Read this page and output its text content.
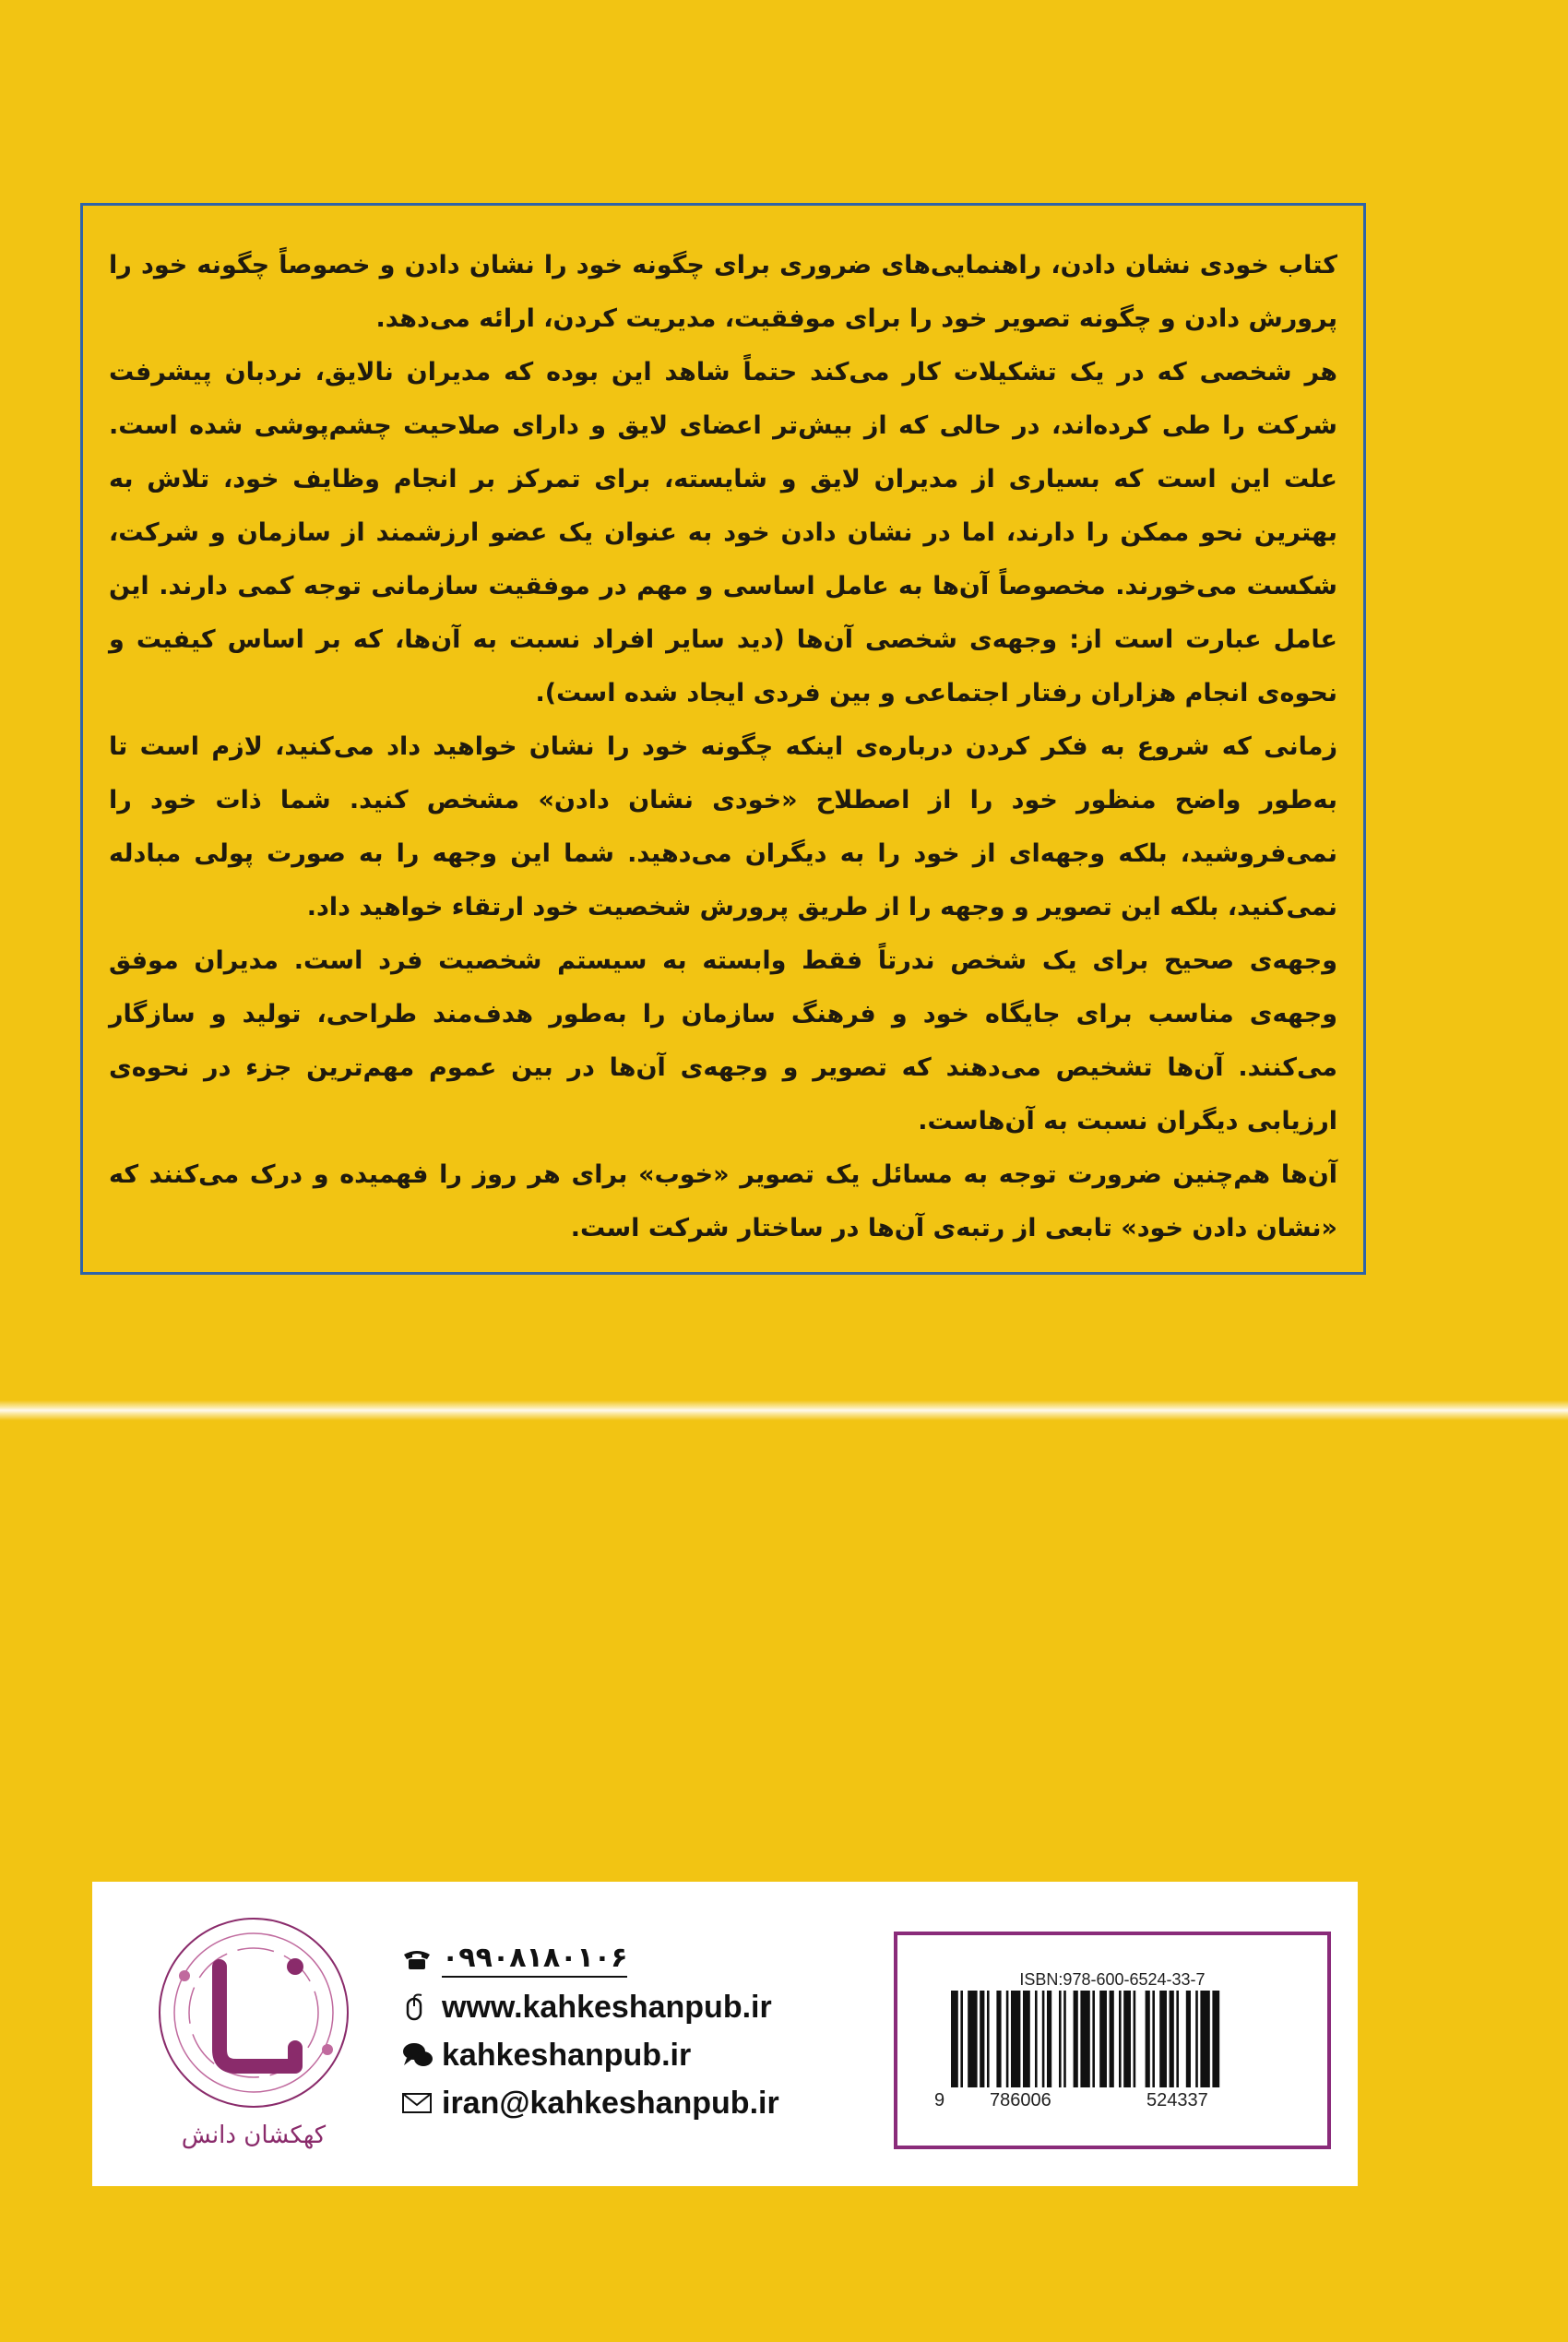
کتاب خودی نشان دادن، راهنمایی‌های ضروری برای چگونه خود را نشان دادن و خصوصاً چگونه خود را پرورش دادن و چگونه تصویر خود را برای موفقیت، مدیریت کردن، ارائه می‌دهد.

هر شخصی که در یک تشکیلات کار می‌کند حتماً شاهد این بوده که مدیران نالایق، نردبان پیشرفت شرکت را طی کرده‌اند، در حالی که از بیش‌تر اعضای لایق و دارای صلاحیت چشم‌پوشی شده است. علت این است که بسیاری از مدیران لایق و شایسته، برای تمرکز بر انجام وظایف خود، تلاش به بهترین نحو ممکن را دارند، اما در نشان دادن خود به عنوان یک عضو ارزشمند از سازمان و شرکت، شکست می‌خورند. مخصوصاً آن‌ها به عامل اساسی و مهم در موفقیت سازمانی توجه کمی دارند. این عامل عبارت است از: وجهه‌ی شخصی آن‌ها (دید سایر افراد نسبت به آن‌ها، که بر اساس کیفیت و نحوه‌ی انجام هزاران رفتار اجتماعی و بین فردی ایجاد شده است).

زمانی که شروع به فکر کردن درباره‌ی اینکه چگونه خود را نشان خواهید داد می‌کنید، لازم است تا به‌طور واضح منظور خود را از اصطلاح «خودی نشان دادن» مشخص کنید. شما ذات خود را نمی‌فروشید، بلکه وجهه‌ای از خود را به دیگران می‌دهید. شما این وجهه را به صورت پولی مبادله نمی‌کنید، بلکه این تصویر و وجهه را از طریق پرورش شخصیت خود ارتقاء خواهید داد.

وجهه‌ی صحیح برای یک شخص ندرتاً فقط وابسته به سیستم شخصیت فرد است. مدیران موفق وجهه‌ی مناسب برای جایگاه خود و فرهنگ سازمان را به‌طور هدف‌مند طراحی، تولید و سازگار می‌کنند. آن‌ها تشخیص می‌دهند که تصویر و وجهه‌ی آن‌ها در بین عموم مهم‌ترین جزء در نحوه‌ی ارزیابی دیگران نسبت به آن‌هاست.

آن‌ها هم‌چنین ضرورت توجه به مسائل یک تصویر «خوب» برای هر روز را فهمیده و درک می‌کنند که «نشان دادن خود» تابعی از رتبه‌ی آن‌ها در ساختار شرکت است.

کهکشان دانش
۰۹۹۰۸۱۸۰۱۰۶
www.kahkeshanpub.ir
kahkeshanpub.ir
iran@kahkeshanpub.ir
ISBN:978-600-6524-33-7
9 786006	524337
